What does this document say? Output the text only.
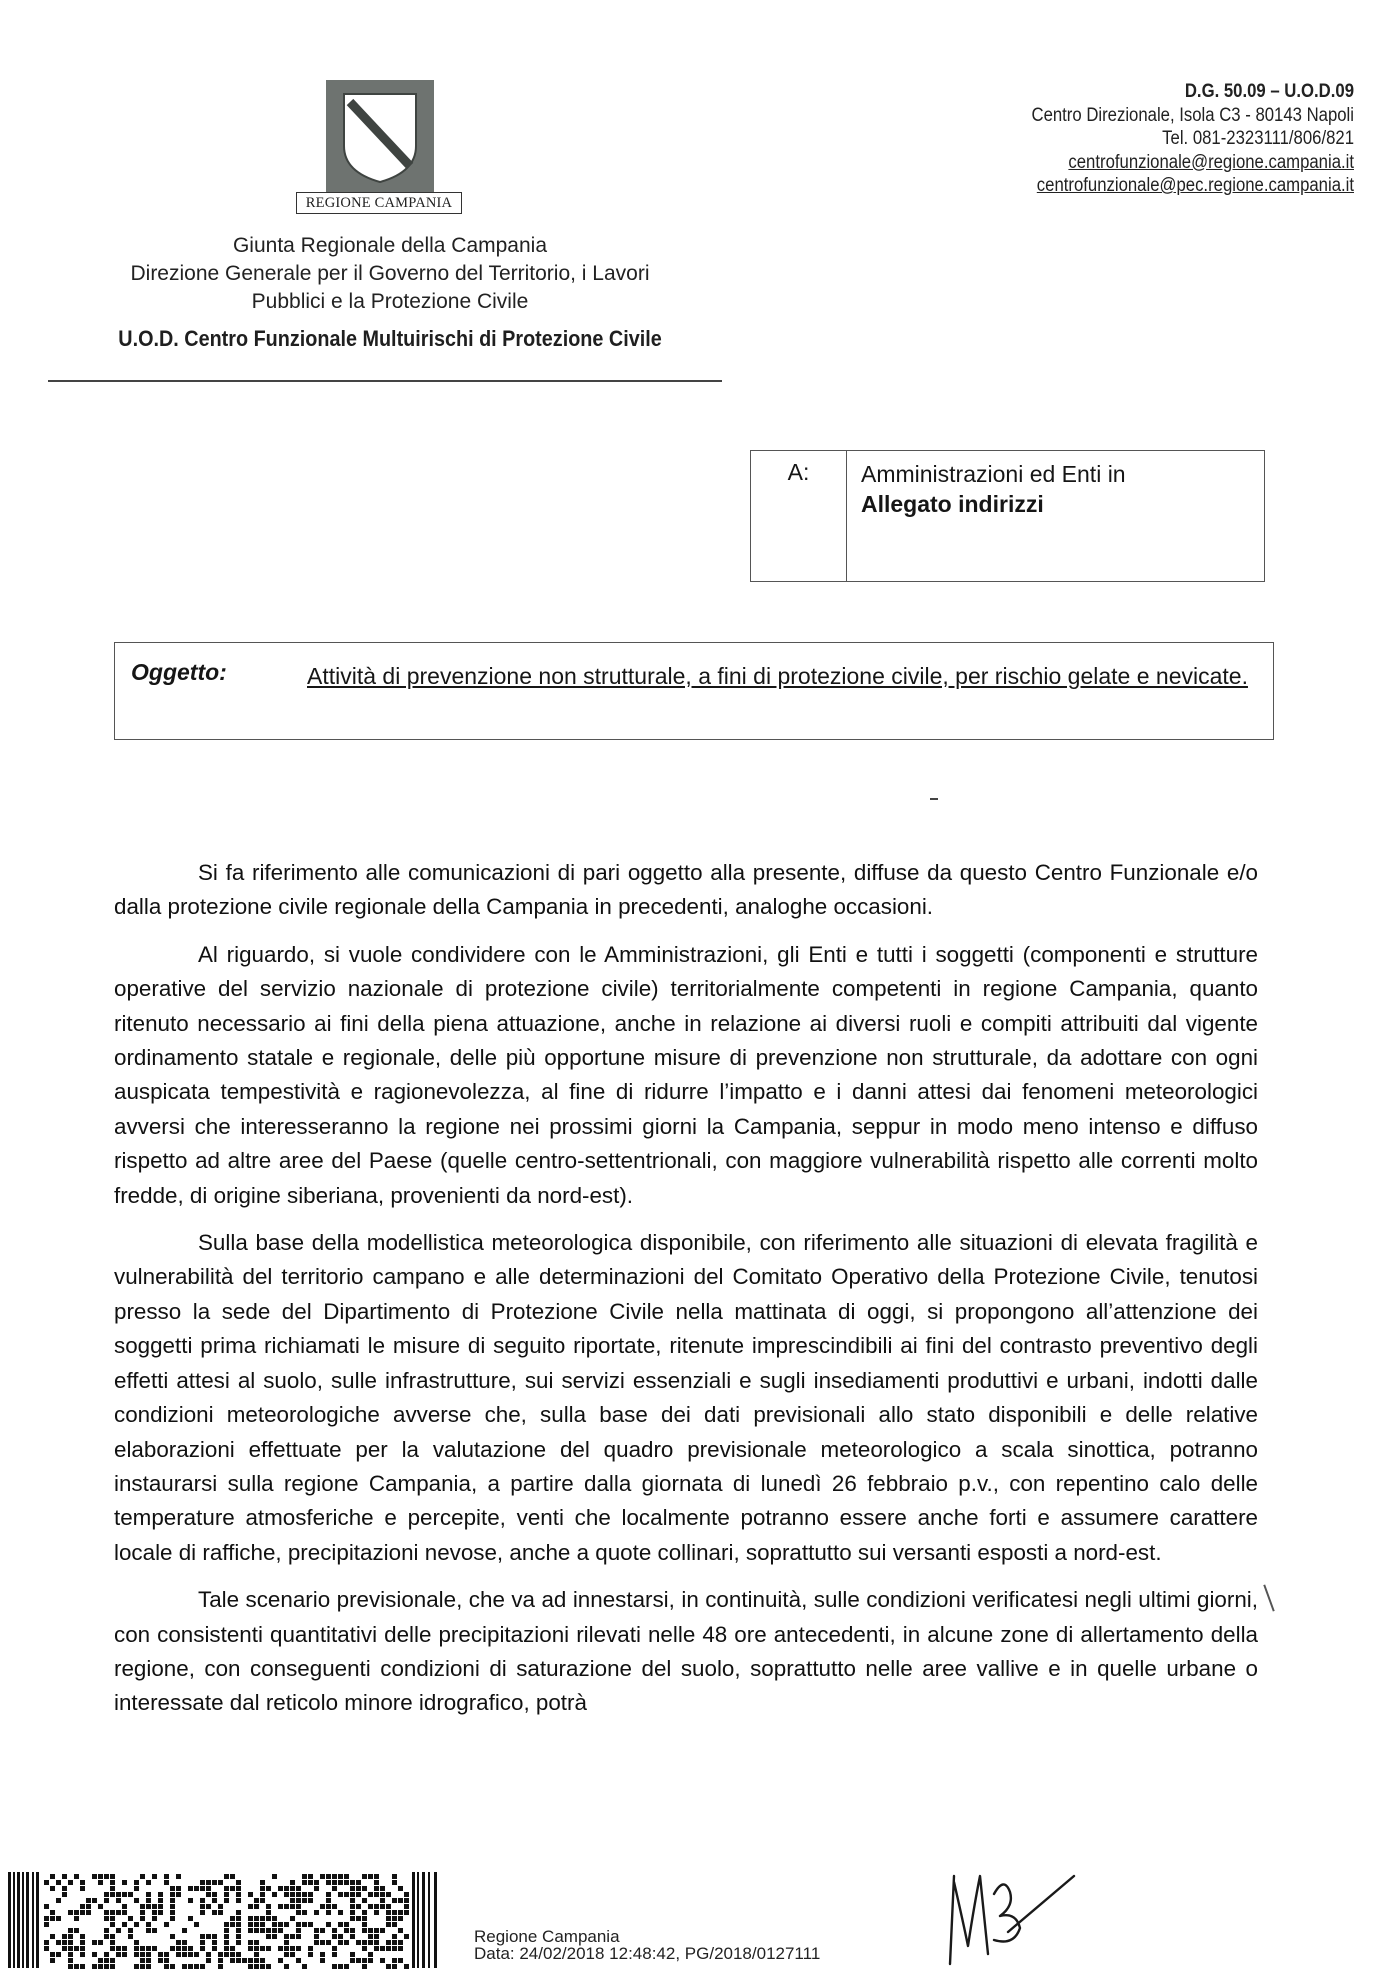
REGIONE CAMPANIA
Giunta Regionale della Campania
Direzione Generale per il Governo del Territorio, i Lavori
Pubblici e la Protezione Civile
U.O.D. Centro Funzionale Multuirischi di Protezione Civile
D.G. 50.09 – U.O.D.09
Centro Direzionale, Isola C3 - 80143 Napoli
Tel. 081-2323111/806/821
centrofunzionale@regione.campania.it
centrofunzionale@pec.regione.campania.it
A:	Amministrazioni ed Enti in
Allegato indirizzi
Oggetto:	Attività di prevenzione non strutturale, a fini di protezione civile, per rischio gelate e nevicate.

Si fa riferimento alle comunicazioni di pari oggetto alla presente, diffuse da questo Centro Funzionale e/o dalla protezione civile regionale della Campania in precedenti, analoghe occasioni.

Al riguardo, si vuole condividere con le Amministrazioni, gli Enti e tutti i soggetti (componenti e strutture operative del servizio nazionale di protezione civile) territorialmente competenti in regione Campania, quanto ritenuto necessario ai fini della piena attuazione, anche in relazione ai diversi ruoli e compiti attribuiti dal vigente ordinamento statale e regionale, delle più opportune misure di prevenzione non strutturale, da adottare con ogni auspicata tempestività e ragionevolezza, al fine di ridurre l’impatto e i danni attesi dai fenomeni meteorologici avversi che interesseranno la regione nei prossimi giorni la Campania, seppur in modo meno intenso e diffuso rispetto ad altre aree del Paese (quelle centro-settentrionali, con maggiore vulnerabilità rispetto alle correnti molto fredde, di origine siberiana, provenienti da nord-est).

Sulla base della modellistica meteorologica disponibile, con riferimento alle situazioni di elevata fragilità e vulnerabilità del territorio campano e alle determinazioni del Comitato Operativo della Protezione Civile, tenutosi presso la sede del Dipartimento di Protezione Civile nella mattinata di oggi, si propongono all’attenzione dei soggetti prima richiamati le misure di seguito riportate, ritenute imprescindibili ai fini del contrasto preventivo degli effetti attesi al suolo, sulle infrastrutture, sui servizi essenziali e sugli insediamenti produttivi e urbani, indotti dalle condizioni meteorologiche avverse che, sulla base dei dati previsionali allo stato disponibili e delle relative elaborazioni effettuate per la valutazione del quadro previsionale meteorologico a scala sinottica, potranno instaurarsi sulla regione Campania, a partire dalla giornata di lunedì 26 febbraio p.v., con repentino calo delle temperature atmosferiche e percepite, venti che localmente potranno essere anche forti e assumere carattere locale di raffiche, precipitazioni nevose, anche a quote collinari, soprattutto sui versanti esposti a nord-est.

Tale scenario previsionale, che va ad innestarsi, in continuità, sulle condizioni verificatesi negli ultimi giorni, con consistenti quantitativi delle precipitazioni rilevati nelle 48 ore antecedenti, in alcune zone di allertamento della regione, con conseguenti condizioni di saturazione del suolo, soprattutto nelle aree vallive e in quelle urbane o interessate dal reticolo minore idrografico, potrà

Regione Campania
Data: 24/02/2018 12:48:42, PG/2018/0127111
